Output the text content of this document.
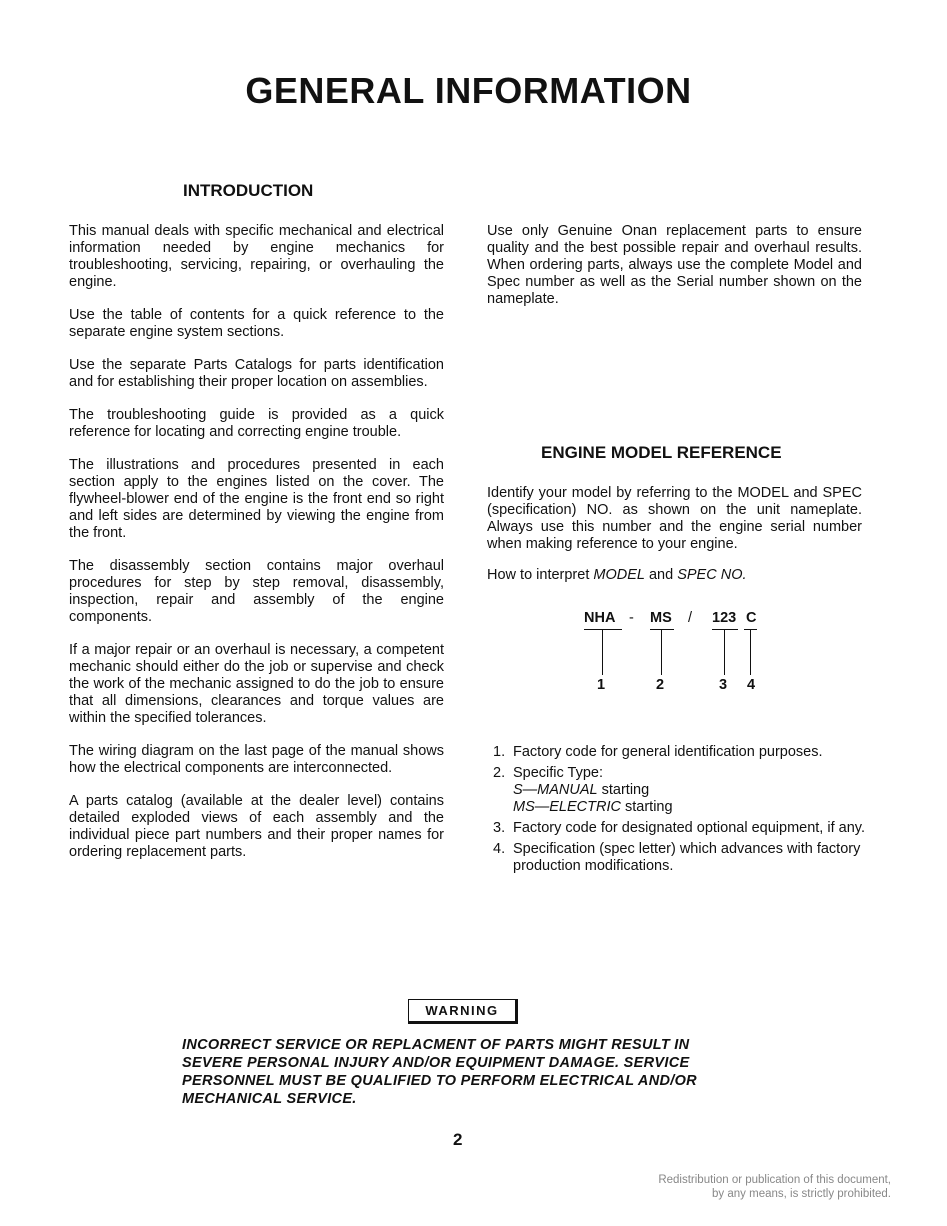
GENERAL INFORMATION
INTRODUCTION

This manual deals with specific mechanical and electrical information needed by engine mechanics for troubleshooting, servicing, repairing, or overhauling the engine.

Use the table of contents for a quick reference to the separate engine system sections.

Use the separate Parts Catalogs for parts identification and for establishing their proper location on assemblies.

The troubleshooting guide is provided as a quick reference for locating and correcting engine trouble.

The illustrations and procedures presented in each section apply to the engines listed on the cover. The flywheel-blower end of the engine is the front end so right and left sides are determined by viewing the engine from the front.

The disassembly section contains major overhaul procedures for step by step removal, disassembly, inspection, repair and assembly of the engine components.

If a major repair or an overhaul is necessary, a competent mechanic should either do the job or supervise and check the work of the mechanic assigned to do the job to ensure that all dimensions, clearances and torque values are within the specified tolerances.

The wiring diagram on the last page of the manual shows how the electrical components are interconnected.

A parts catalog (available at the dealer level) contains detailed exploded views of each assembly and the individual piece part numbers and their proper names for ordering replacement parts.

Use only Genuine Onan replacement parts to ensure quality and the best possible repair and overhaul results. When ordering parts, always use the complete Model and Spec number as well as the Serial number shown on the nameplate.

ENGINE MODEL REFERENCE

Identify your model by referring to the MODEL and SPEC (specification) NO. as shown on the unit nameplate. Always use this number and the engine serial number when making reference to your engine.

How to interpret MODEL and SPEC NO.

NHA - MS / 123 C
1	2	3 4
1. Factory code for general identification purposes.
2. Specific Type:
S—MANUAL starting
MS—ELECTRIC starting
3. Factory code for designated optional equipment, if any.
4. Specification (spec letter) which advances with factory production modifications.
WARNING

INCORRECT SERVICE OR REPLACMENT OF PARTS MIGHT RESULT IN SEVERE PERSONAL INJURY AND/OR EQUIPMENT DAMAGE. SERVICE PERSONNEL MUST BE QUALIFIED TO PERFORM ELECTRICAL AND/OR MECHANICAL SERVICE.

2
Redistribution or publication of this document,
by any means, is strictly prohibited.
